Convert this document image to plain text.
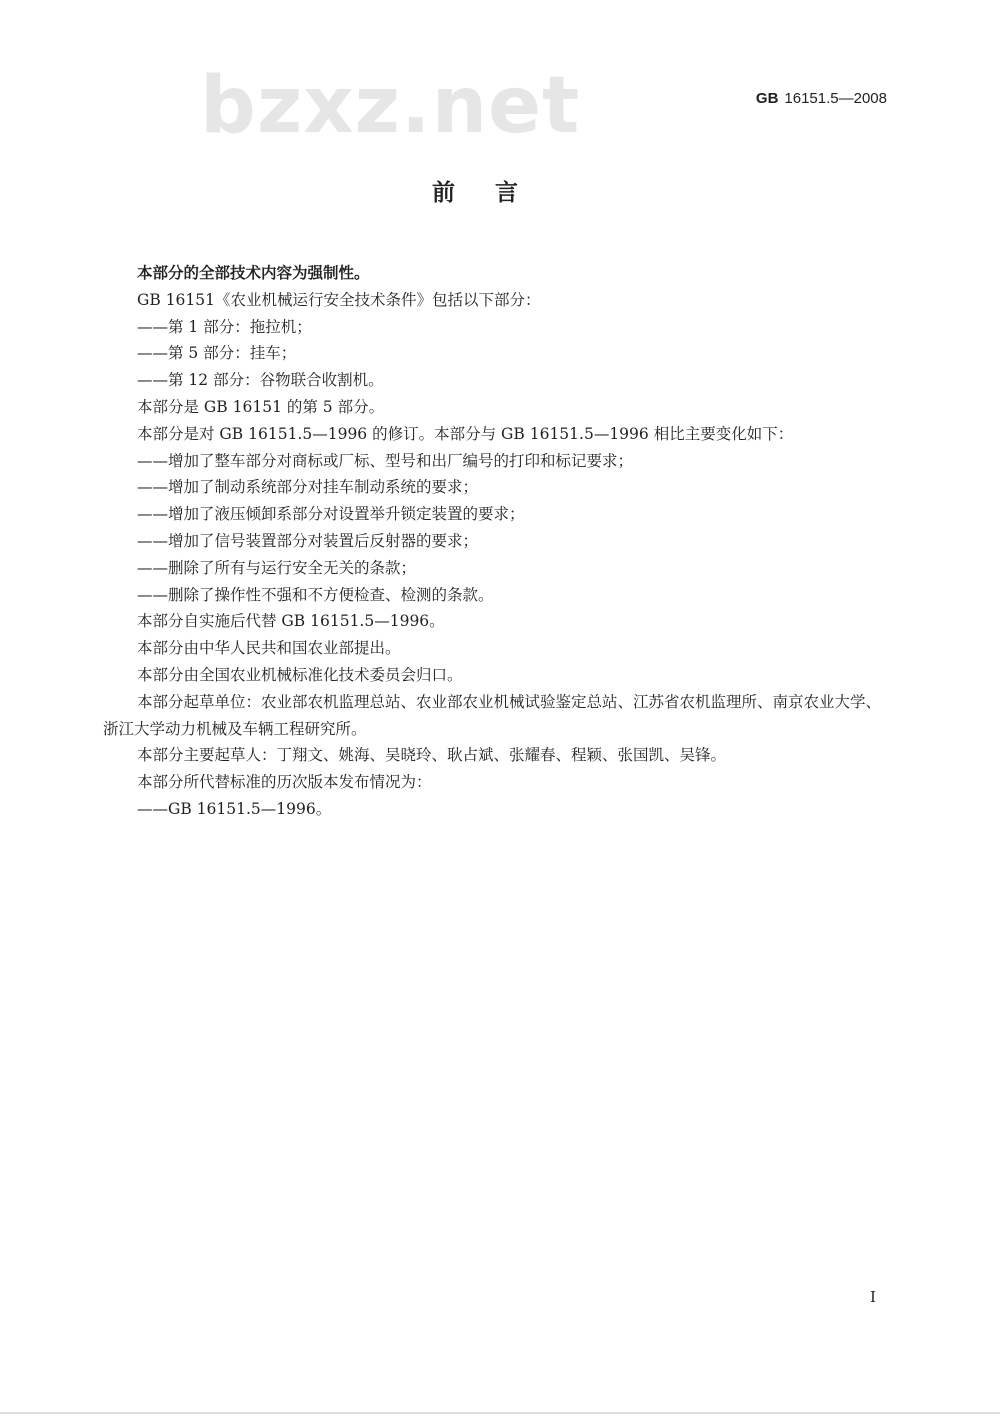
GB 16151.5—2008
bzxz.net
前言
本部分的全部技术内容为强制性。
GB 16151《农业机械运行安全技术条件》包括以下部分：
——第 1 部分：拖拉机；
——第 5 部分：挂车；
——第 12 部分：谷物联合收割机。
本部分是 GB 16151 的第 5 部分。
本部分是对 GB 16151.5—1996 的修订。本部分与 GB 16151.5—1996 相比主要变化如下：
——增加了整车部分对商标或厂标、型号和出厂编号的打印和标记要求；
——增加了制动系统部分对挂车制动系统的要求；
——增加了液压倾卸系部分对设置举升锁定装置的要求；
——增加了信号装置部分对装置后反射器的要求；
——删除了所有与运行安全无关的条款；
——删除了操作性不强和不方便检查、检测的条款。
本部分自实施后代替 GB 16151.5—1996。
本部分由中华人民共和国农业部提出。
本部分由全国农业机械标准化技术委员会归口。
本部分起草单位：农业部农机监理总站、农业部农业机械试验鉴定总站、江苏省农机监理所、南京农业大学、浙江大学动力机械及车辆工程研究所。
本部分主要起草人：丁翔文、姚海、吴晓玲、耿占斌、张耀春、程颖、张国凯、吴锋。
本部分所代替标准的历次版本发布情况为：
——GB 16151.5—1996。
I
